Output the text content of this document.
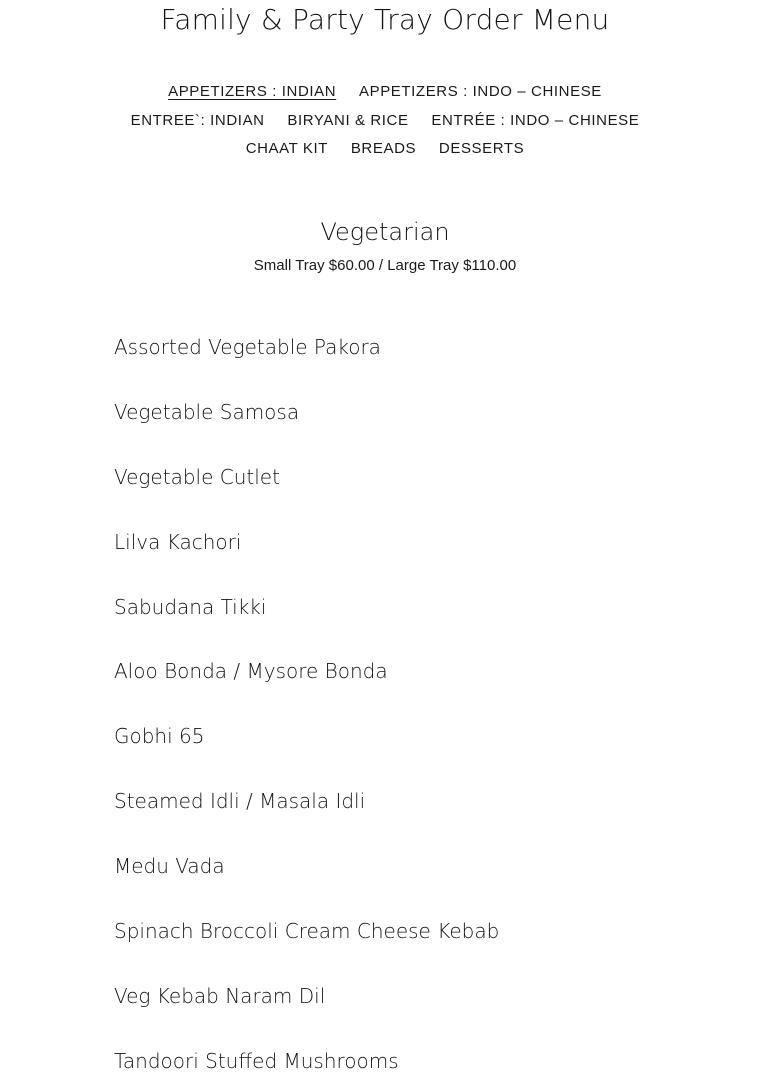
Family & Party Tray Order Menu
APPETIZERS : INDIAN APPETIZERS : INDO – CHINESE
ENTREE`: INDIAN BIRYANI & RICE ENTRÉE : INDO – CHINESE
CHAAT KIT BREADS DESSERTS
Vegetarian
Small Tray $60.00 / Large Tray $110.00
Assorted Vegetable Pakora
Vegetable Samosa
Vegetable Cutlet
Lilva Kachori
Sabudana Tikki
Aloo Bonda / Mysore Bonda
Gobhi 65
Steamed Idli / Masala Idli
Medu Vada
Spinach Broccoli Cream Cheese Kebab
Veg Kebab Naram Dil
Tandoori Stuffed Mushrooms
